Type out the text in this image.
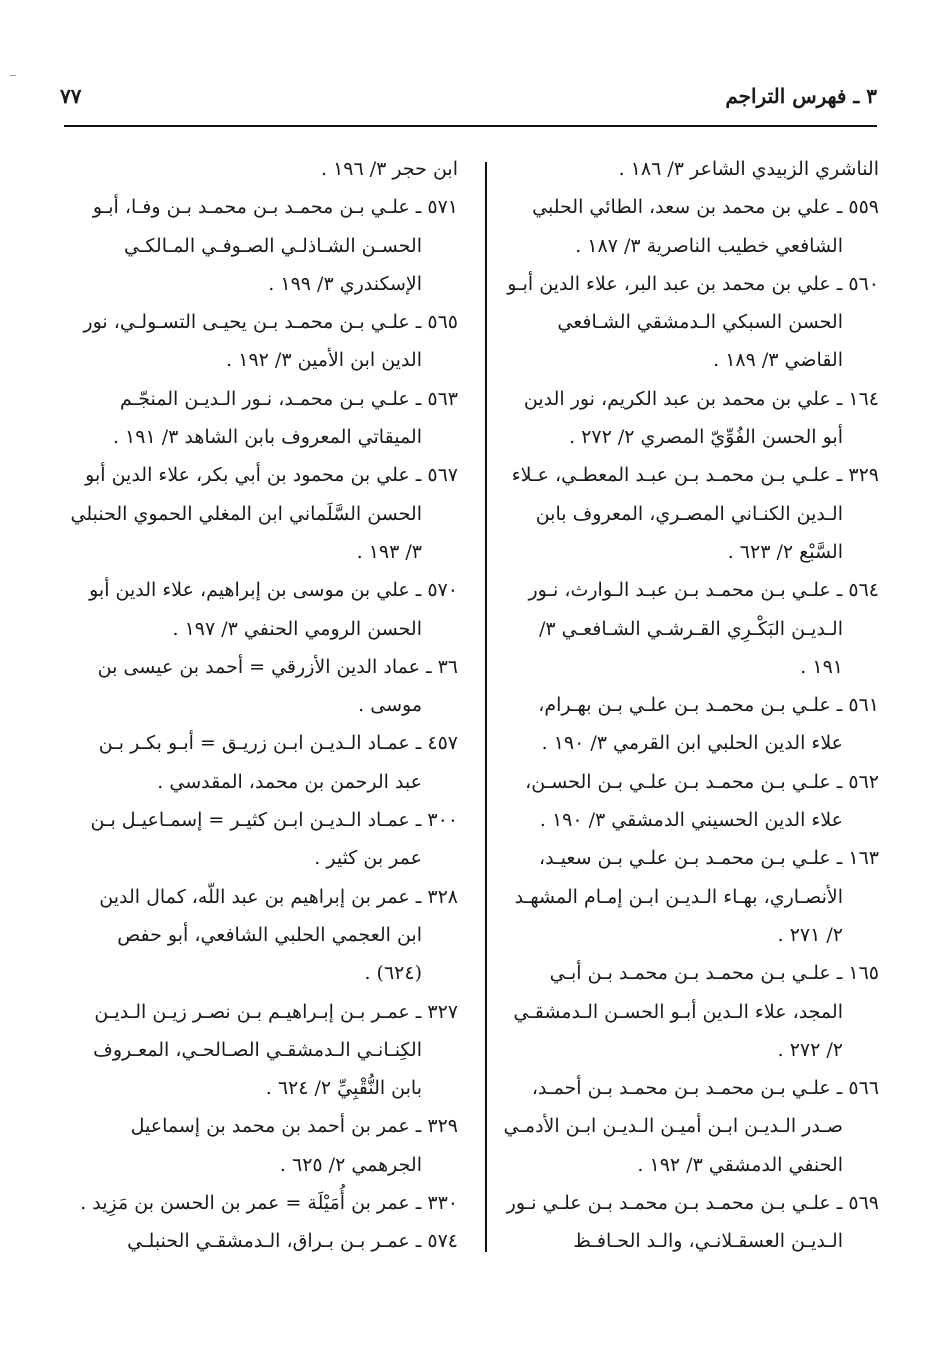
٧٧	٣ ـ فهرس التراجم

الناشري الزبيدي الشاعر ٣/ ١٨٦ .

٥٥٩ ـ علي بن محمد بن سعد، الطائي الحلبي الشافعي خطيب الناصرية ٣/ ١٨٧ .

٥٦٠ ـ علي بن محمد بن عبد البر، علاء الدين أبـو الحسن السبكي الـدمشقي الشـافعي القاضي ٣/ ١٨٩ .

١٦٤ ـ علي بن محمد بن عبد الكريم، نور الدين أبو الحسن الفُوِّيّ المصري ٢/ ٢٧٢ .

٣٢٩ ـ علـي بـن محمـد بـن عبـد المعطـي، عـلاء الـدين الكنـاني المصـري، المعروف بابن السَّبْع ٢/ ٦٢٣ .

٥٦٤ ـ علـي بـن محمـد بـن عبـد الـوارث، نـور الـديـن البَكْـرِي القـرشـي الشـافعـي ٣/ ١٩١ .

٥٦١ ـ علـي بـن محمـد بـن علـي بـن بهـرام، علاء الدين الحلبي ابن القرمي ٣/ ١٩٠ .

٥٦٢ ـ علـي بـن محمـد بـن علـي بـن الحسـن، علاء الدين الحسيني الدمشقي ٣/ ١٩٠ .

١٦٣ ـ علـي بـن محمـد بـن علـي بـن سعيـد، الأنصـاري، بهـاء الـديـن ابـن إمـام المشهـد ٢/ ٢٧١ .

١٦٥ ـ علـي بـن محمـد بـن محمـد بـن أبـي المجد، علاء الـدين أبـو الحسـن الـدمشقـي ٢/ ٢٧٢ .

٥٦٦ ـ علـي بـن محمـد بـن محمـد بـن أحمـد، صـدر الـديـن ابـن أميـن الـديـن ابـن الأدمـي الحنفي الدمشقي ٣/ ١٩٢ .

٥٦٩ ـ علـي بـن محمـد بـن محمـد بـن علـي نـور الـديـن العسقـلانـي، والـد الحـافـظ

ابن حجر ٣/ ١٩٦ .

٥٧١ ـ علـي بـن محمـد بـن محمـد بـن وفـا، أبـو الحسـن الشـاذلـي الصـوفـي المـالكـي الإسكندري ٣/ ١٩٩ .

٥٦٥ ـ علـي بـن محمـد بـن يحيـى التسـولـي، نور الدين ابن الأمين ٣/ ١٩٢ .

٥٦٣ ـ علـي بـن محمـد، نـور الـديـن المنجّـم الميقاتي المعروف بابن الشاهد ٣/ ١٩١ .

٥٦٧ ـ علي بن محمود بن أبي بكر، علاء الدين أبو الحسن السَّلَماني ابن المغلي الحموي الحنبلي ٣/ ١٩٣ .

٥٧٠ ـ علي بن موسى بن إبراهيم، علاء الدين أبو الحسن الرومي الحنفي ٣/ ١٩٧ .

٣٦ ـ عماد الدين الأزرقي = أحمد بن عيسى بن موسى .

٤٥٧ ـ عمـاد الـديـن ابـن زريـق = أبـو بكـر بـن عبد الرحمن بن محمد، المقدسي .

٣٠٠ ـ عمـاد الـديـن ابـن كثيـر = إسمـاعيـل بـن عمر بن كثير .

٣٢٨ ـ عمر بن إبراهيم بن عبد اللّه، كمال الدين ابن العجمي الحلبي الشافعي، أبو حفص (٦٢٤) .

٣٢٧ ـ عمـر بـن إبـراهيـم بـن نصـر زيـن الـديـن الكِنـانـي الـدمشقـي الصـالحـي، المعـروف بابن النُّقْبِيِّ ٢/ ٦٢٤ .

٣٢٩ ـ عمر بن أحمد بن محمد بن إسماعيل الجرهمي ٢/ ٦٢٥ .

٣٣٠ ـ عمر بن أُمَيْلَة = عمر بن الحسن بن مَزِيد .

٥٧٤ ـ عمـر بـن بـراق، الـدمشقـي الحنبلـي
